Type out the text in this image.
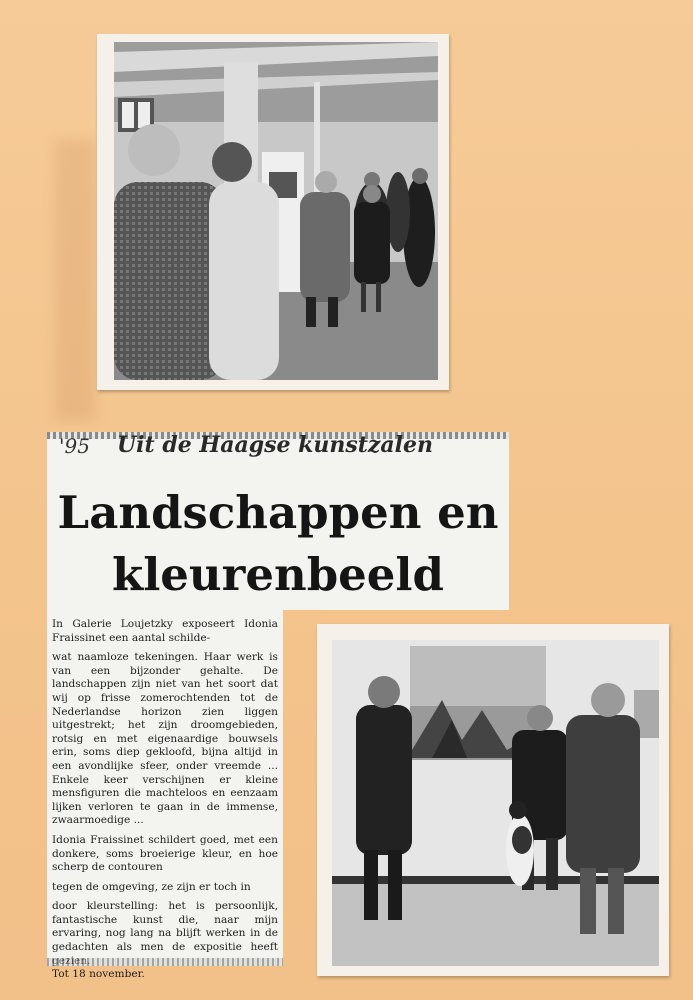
'95 Uit de Haagse kunstzalen
Landschappen en
kleurenbeeld

In Galerie Loujetzky exposeert Idonia Fraissinet een aantal schilde-

wat naamloze tekeningen. Haar werk is van een bijzonder gehalte. De landschappen zijn niet van het soort dat wij op frisse zomerochtenden tot de Nederlandse horizon zien liggen uitgestrekt; het zijn droomgebieden, rotsig en met eigenaardige bouwsels erin, soms diep gekloofd, bijna altijd in een avondlijke sfeer, onder vreemde ... Enkele keer verschijnen er kleine mensfiguren die machteloos en eenzaam lijken verloren te gaan in de immense, zwaarmoedige ...

Idonia Fraissinet schildert goed, met een donkere, soms broeierige kleur, en hoe scherp de contouren

tegen de omgeving, ze zijn er toch in

door kleurstelling: het is persoonlijk, fantastische kunst die, naar mijn ervaring, nog lang na blijft werken in de gedachten als men de expositie heeft

Tot 18 november.
